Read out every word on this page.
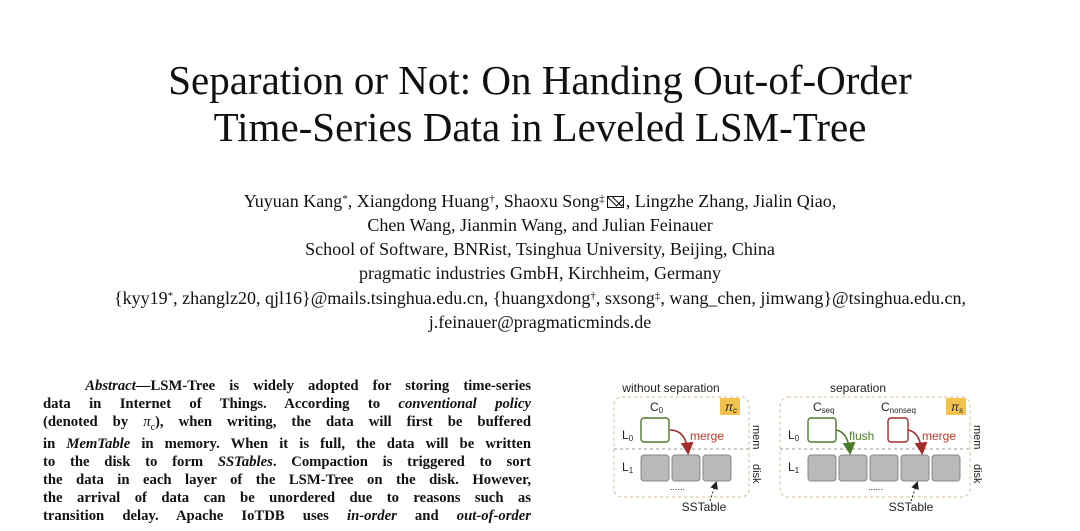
Separation or Not: On Handing Out-of-Order
Time-Series Data in Leveled LSM-Tree
Yuyuan Kang*, Xiangdong Huang†, Shaoxu Song‡ , Lingzhe Zhang, Jialin Qiao,
Chen Wang, Jianmin Wang, and Julian Feinauer
School of Software, BNRist, Tsinghua University, Beijing, China
pragmatic industries GmbH, Kirchheim, Germany
{kyy19*, zhanglz20, qjl16}@mails.tsinghua.edu.cn, {huangxdong†, sxsong‡, wang_chen, jimwang}@tsinghua.edu.cn,
j.feinauer@pragmaticminds.de
Abstract—LSM-Tree is widely adopted for storing time-series
data in Internet of Things. According to conventional policy
(denoted by $\pi_c$), when writing, the data will first be buffered
in MemTable in memory. When it is full, the data will be written
to the disk to form SSTables. Compaction is triggered to sort
the data in each layer of the LSM-Tree on the disk. However,
the arrival of data can be unordered due to reasons such as
transition delay. Apache IoTDB uses in-order and out-of-order
without separation
πc
mem
disk
C0
L0
L1
merge
......
SSTable
separation
πs
mem
disk
Cseq	Cnonseq
L0
L1
flush	merge
......
SSTable
